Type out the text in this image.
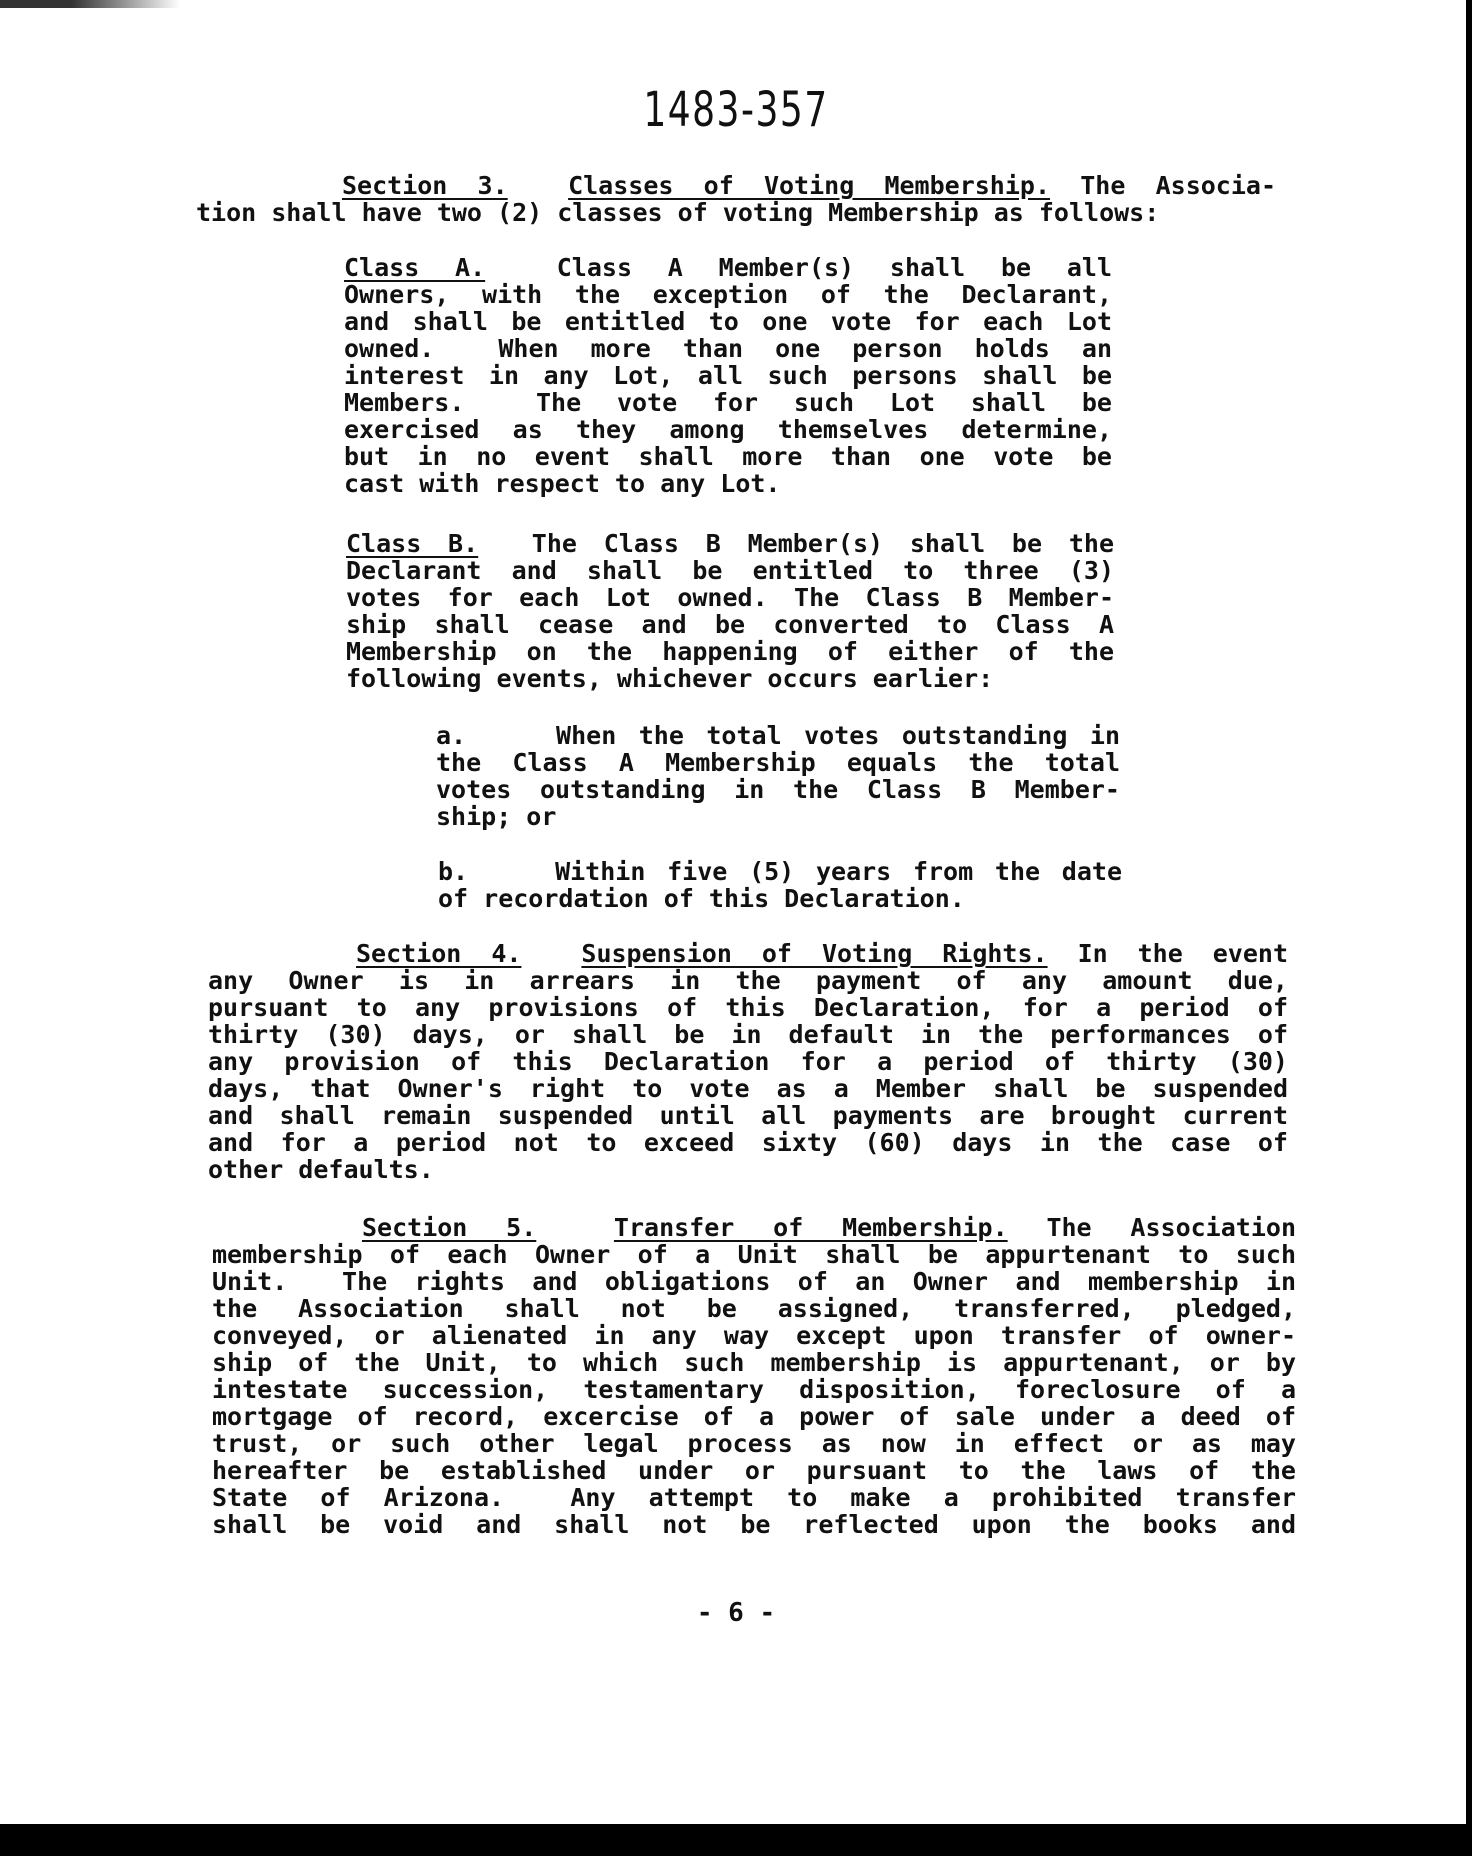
1483-357
Section 3. Classes of Voting Membership. The Associa-
tion shall have two (2) classes of voting Membership as follows:
Class A.  Class A Member(s) shall be all
Owners, with the exception of the Declarant,
and shall be entitled to one vote for each Lot
owned.  When more than one person holds an
interest in any Lot, all such persons shall be
Members.  The vote for such Lot shall be
exercised as they among themselves determine,
but in no event shall more than one vote be
cast with respect to any Lot.
Class B.  The Class B Member(s) shall be the
Declarant and shall be entitled to three (3)
votes for each Lot owned. The Class B Member-
ship shall cease and be converted to Class A
Membership on the happening of either of the
following events, whichever occurs earlier:
a.	When the total votes outstanding in
the Class A Membership equals the total
votes outstanding in the Class B Member-
ship; or
b.	Within five (5) years from the date
of recordation of this Declaration.
Section 4. Suspension of Voting Rights. In the event
any Owner is in arrears in the payment of any amount due,
pursuant to any provisions of this Declaration, for a period of
thirty (30) days, or shall be in default in the performances of
any provision of this Declaration for a period of thirty (30)
days, that Owner's right to vote as a Member shall be suspended
and shall remain suspended until all payments are brought current
and for a period not to exceed sixty (60) days in the case of
other defaults.
Section 5.	Transfer of Membership. The Association
membership of each Owner of a Unit shall be appurtenant to such
Unit.  The rights and obligations of an Owner and membership in
the Association shall not be assigned, transferred, pledged,
conveyed, or alienated in any way except upon transfer of owner-
ship of the Unit, to which such membership is appurtenant, or by
intestate succession, testamentary disposition, foreclosure of a
mortgage of record, excercise of a power of sale under a deed of
trust, or such other legal process as now in effect or as may
hereafter be established under or pursuant to the laws of the
State of Arizona.  Any attempt to make a prohibited transfer
shall be void and shall not be reflected upon the books and
- 6 -
